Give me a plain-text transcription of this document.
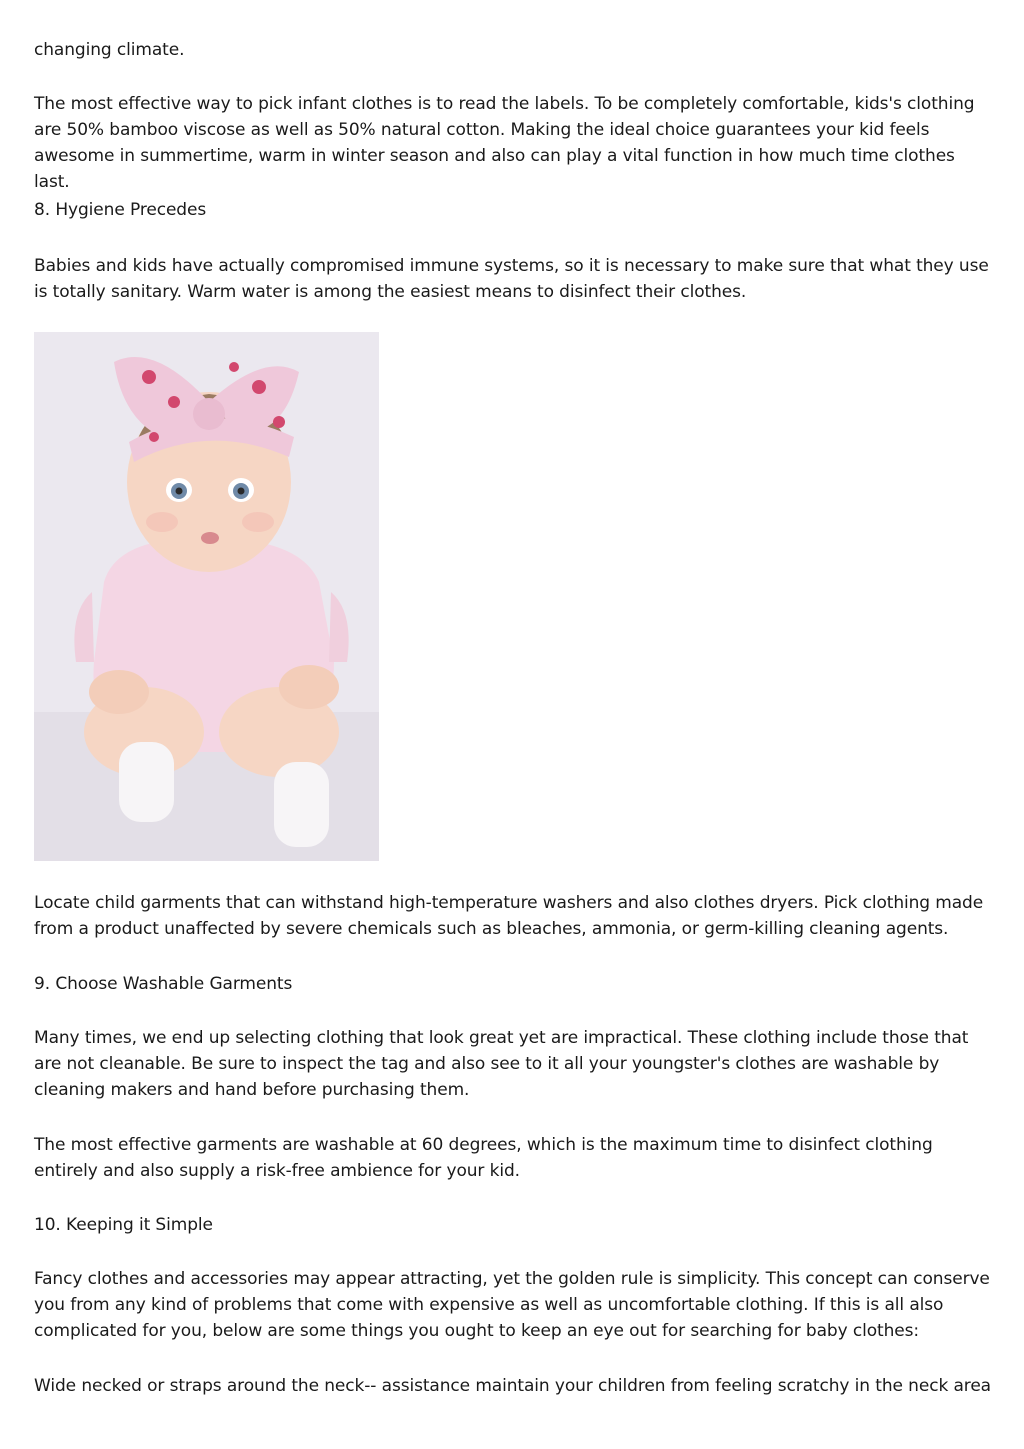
changing climate.

The most effective way to pick infant clothes is to read the labels. To be completely comfortable, kids's clothing are 50% bamboo viscose as well as 50% natural cotton. Making the ideal choice guarantees your kid feels awesome in summertime, warm in winter season and also can play a vital function in how much time clothes last.

8. Hygiene Precedes

Babies and kids have actually compromised immune systems, so it is necessary to make sure that what they use is totally sanitary. Warm water is among the easiest means to disinfect their clothes.

Locate child garments that can withstand high-temperature washers and also clothes dryers. Pick clothing made from a product unaffected by severe chemicals such as bleaches, ammonia, or germ-killing cleaning agents.

9. Choose Washable Garments

Many times, we end up selecting clothing that look great yet are impractical. These clothing include those that are not cleanable. Be sure to inspect the tag and also see to it all your youngster's clothes are washable by cleaning makers and hand before purchasing them.

The most effective garments are washable at 60 degrees, which is the maximum time to disinfect clothing entirely and also supply a risk-free ambience for your kid.

10. Keeping it Simple

Fancy clothes and accessories may appear attracting, yet the golden rule is simplicity. This concept can conserve you from any kind of problems that come with expensive as well as uncomfortable clothing. If this is all also complicated for you, below are some things you ought to keep an eye out for searching for baby clothes:

Wide necked or straps around the neck-- assistance maintain your children from feeling scratchy in the neck area
